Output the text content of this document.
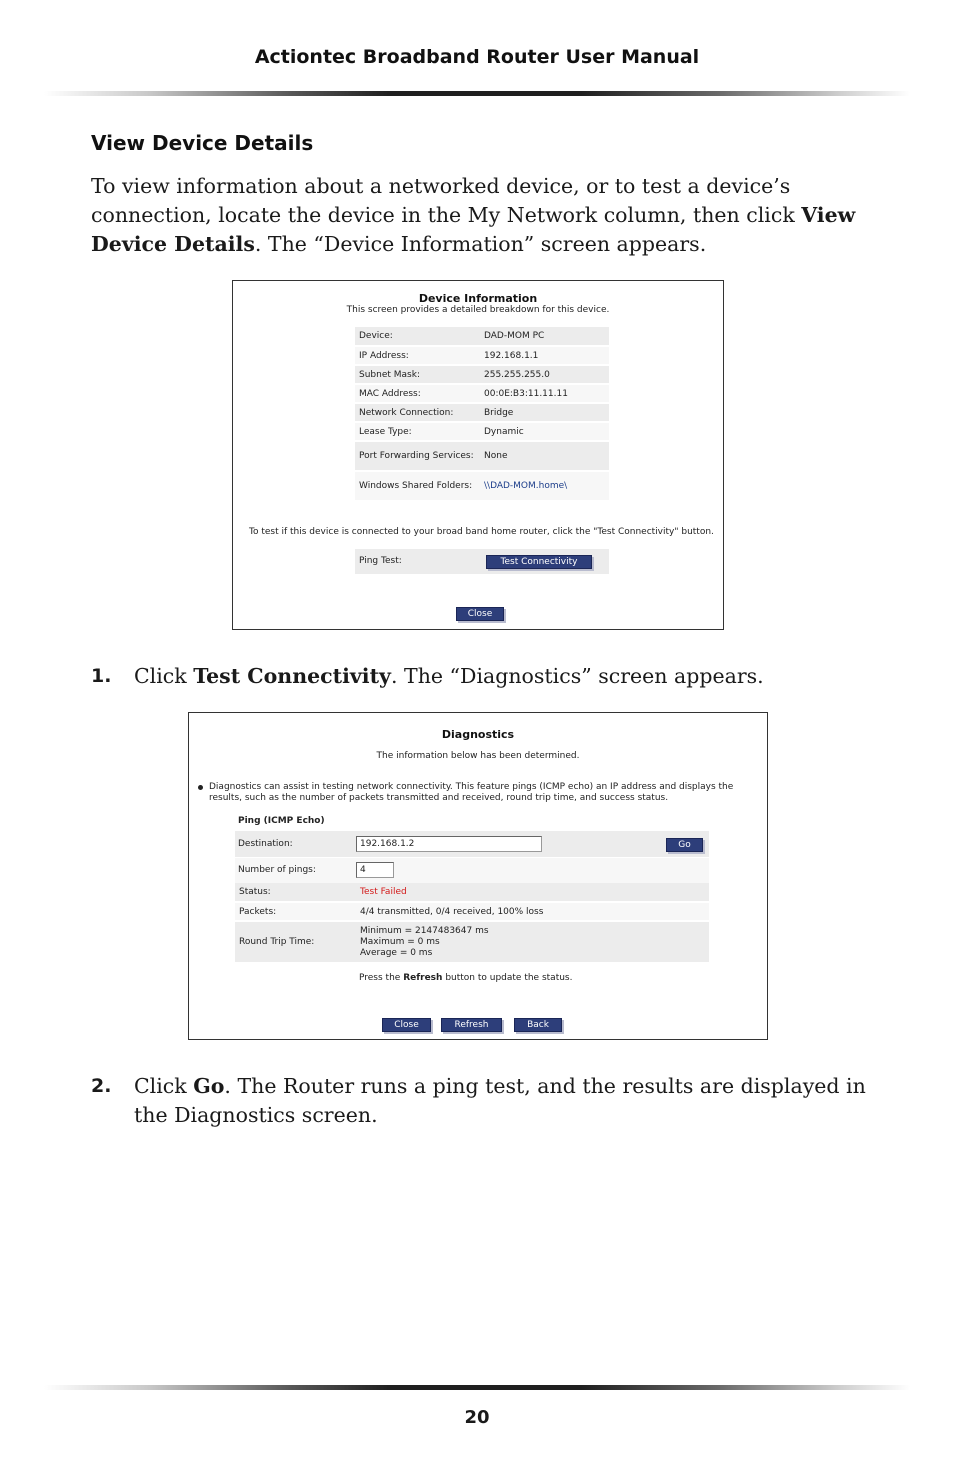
Actiontec Broadband Router User Manual
View Device Details

To view information about a networked device, or to test a device’s connection, locate the device in the My Network column, then click View Device Details. The “Device Information” screen appears.

Device Information
This screen provides a detailed breakdown for this device.
Device:	DAD-MOM PC
IP Address:	192.168.1.1
Subnet Mask:	255.255.255.0
MAC Address:	00:0E:B3:11.11.11
Network Connection:	Bridge
Lease Type:	Dynamic
Port Forwarding Services:	None
Windows Shared Folders:	\\DAD-MOM.home\
To test if this device is connected to your broad band home router, click the "Test Connectivity" button.
Ping Test:	Test Connectivity
Close
1. Click Test Connectivity. The “Diagnostics” screen appears.
Diagnostics
The information below has been determined.
Diagnostics can assist in testing network connectivity. This feature pings (ICMP echo) an IP address and displays the results, such as the number of packets transmitted and received, round trip time, and success status.
Ping (ICMP Echo)
Destination:	192.168.1.2	Go
Number of pings:	4
Status:	Test Failed
Packets:	4/4 transmitted, 0/4 received, 100% loss
Round Trip Time:	Minimum = 2147483647 ms
Maximum = 0 ms
Average = 0 ms
Press the Refresh button to update the status.
Close	Refresh	Back
2. Click Go. The Router runs a ping test, and the results are displayed in the Diagnostics screen.
20
